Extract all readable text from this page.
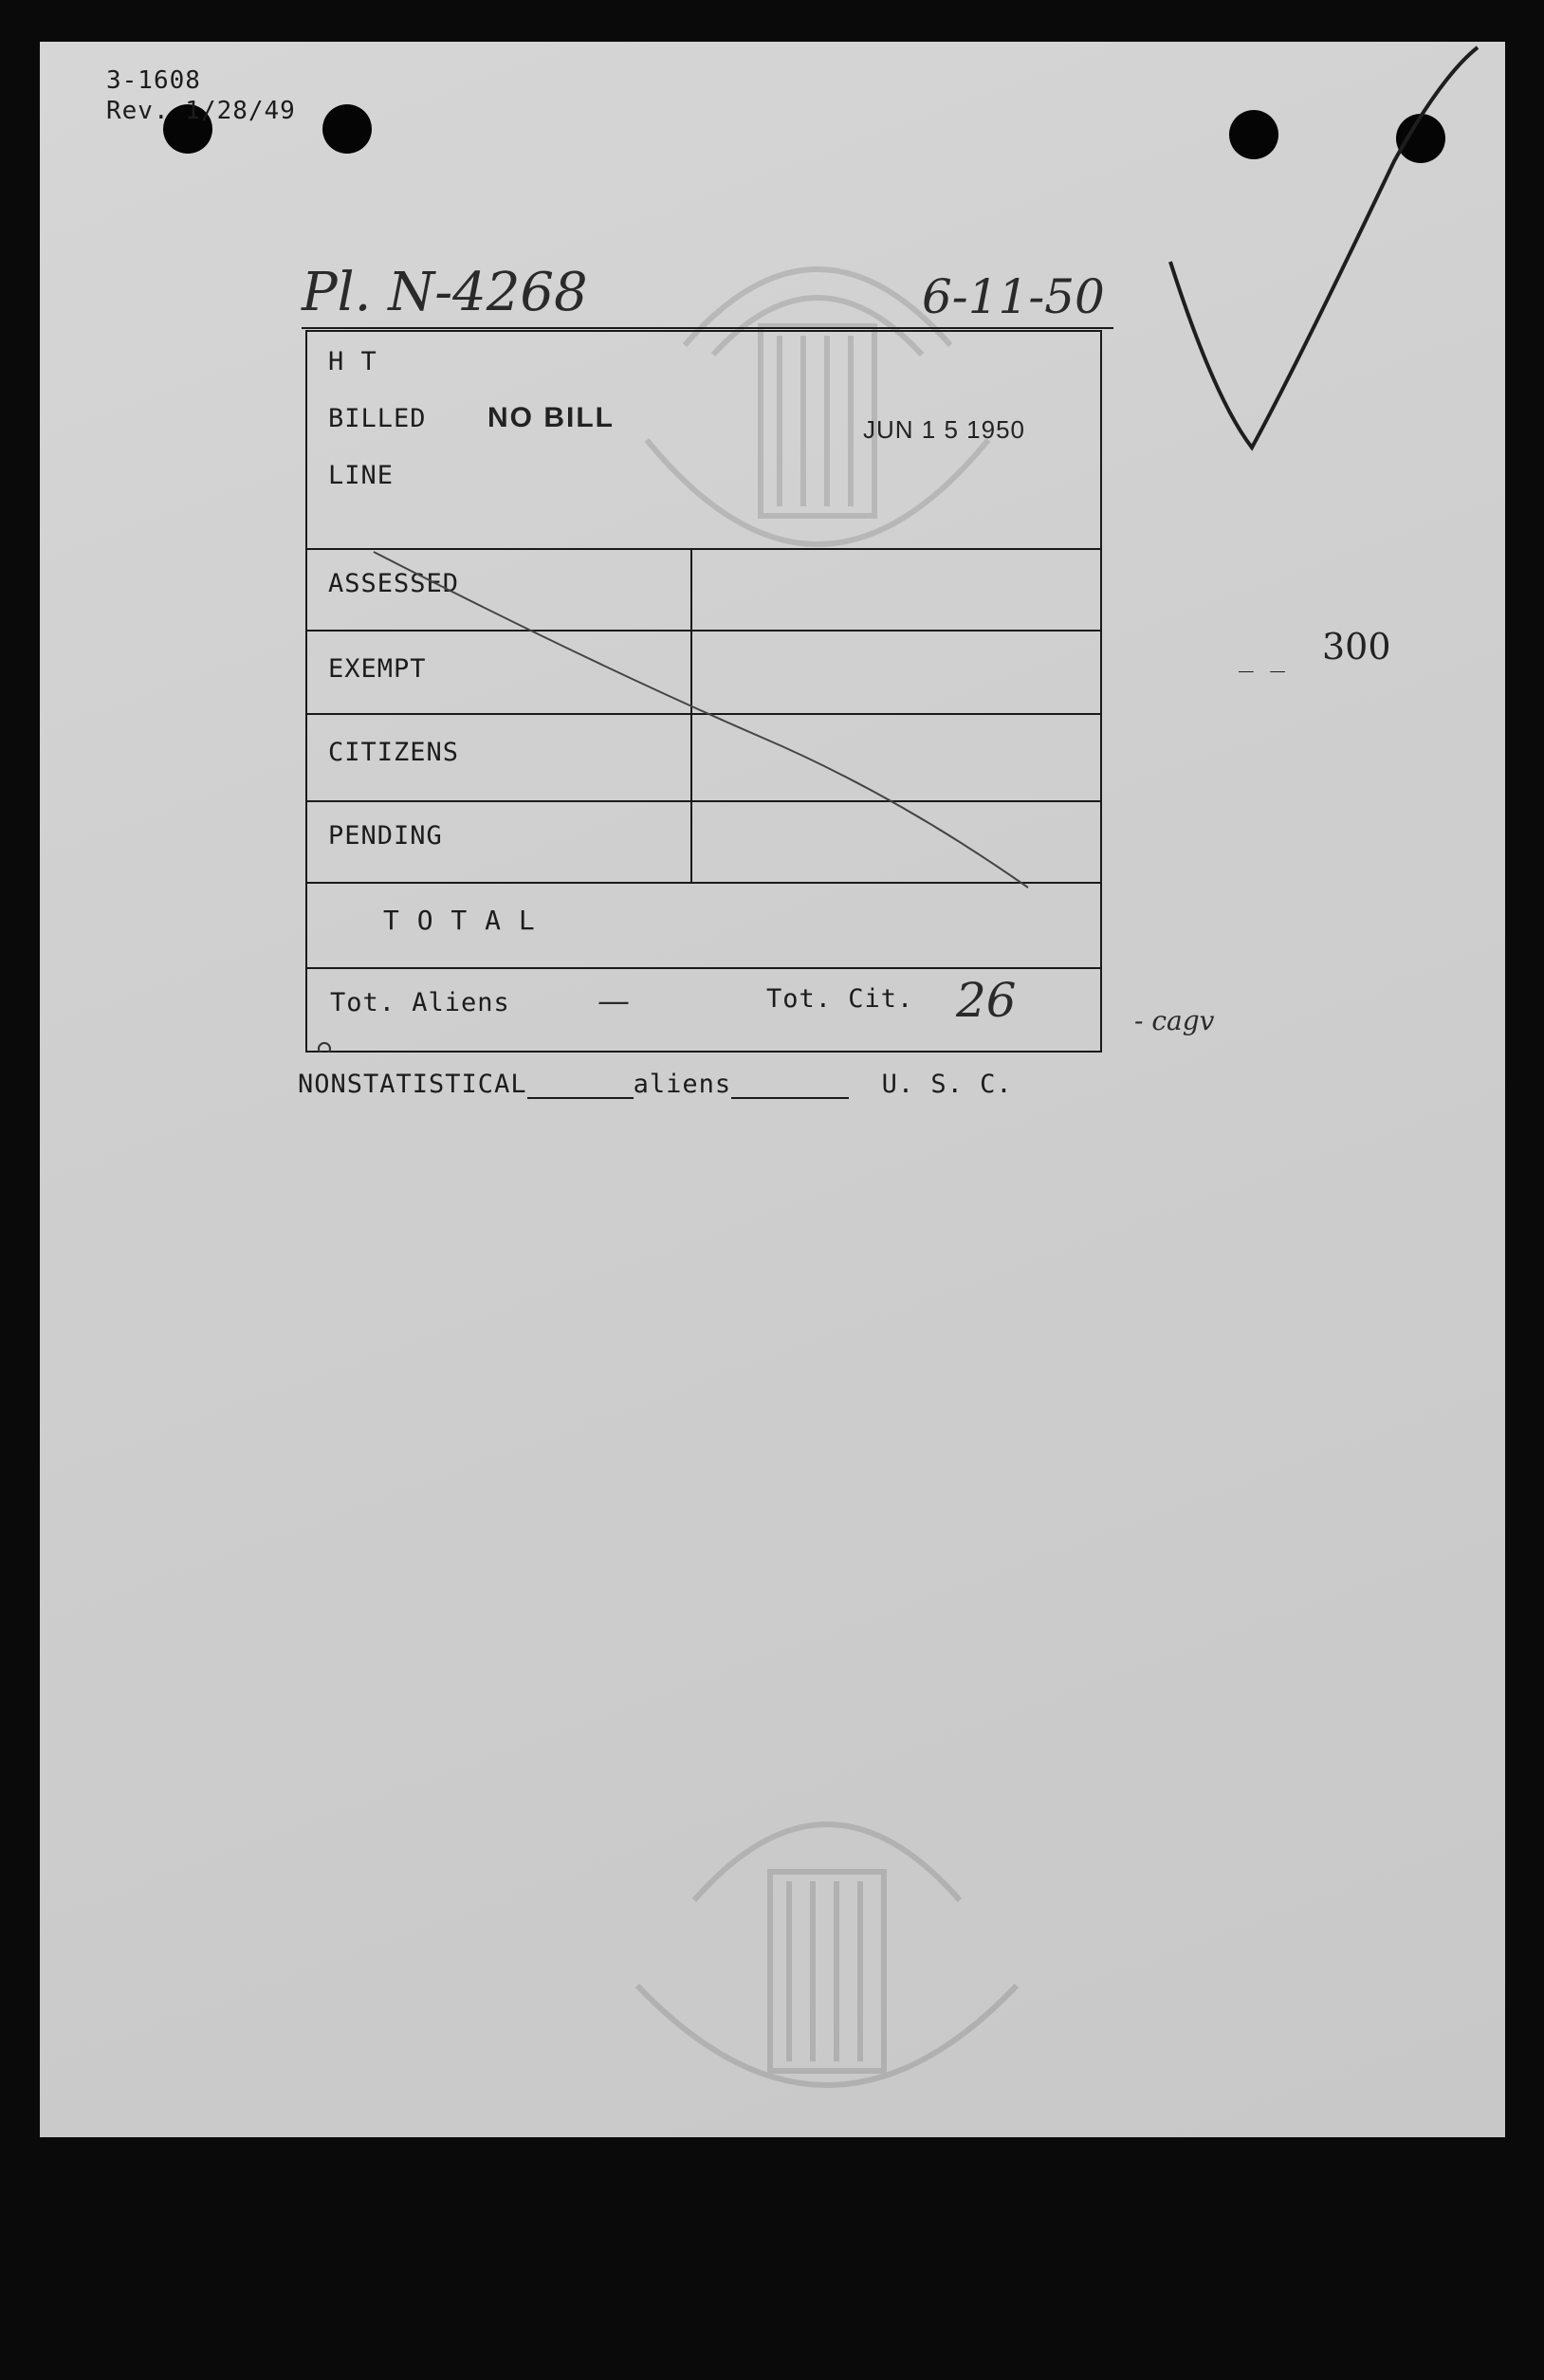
3-1608
Rev. 1/28/49
Pl. N-4268	6-11-50
H T
BILLED
LINE
NO BILL	JUN 1 5 1950
ASSESSED
EXEMPT
CITIZENS
PENDING
T O T A L
Tot. Aliens	—	Tot. Cit. 26
NONSTATISTICAL	aliens	U. S. C.
_ _ 300
- cagv
